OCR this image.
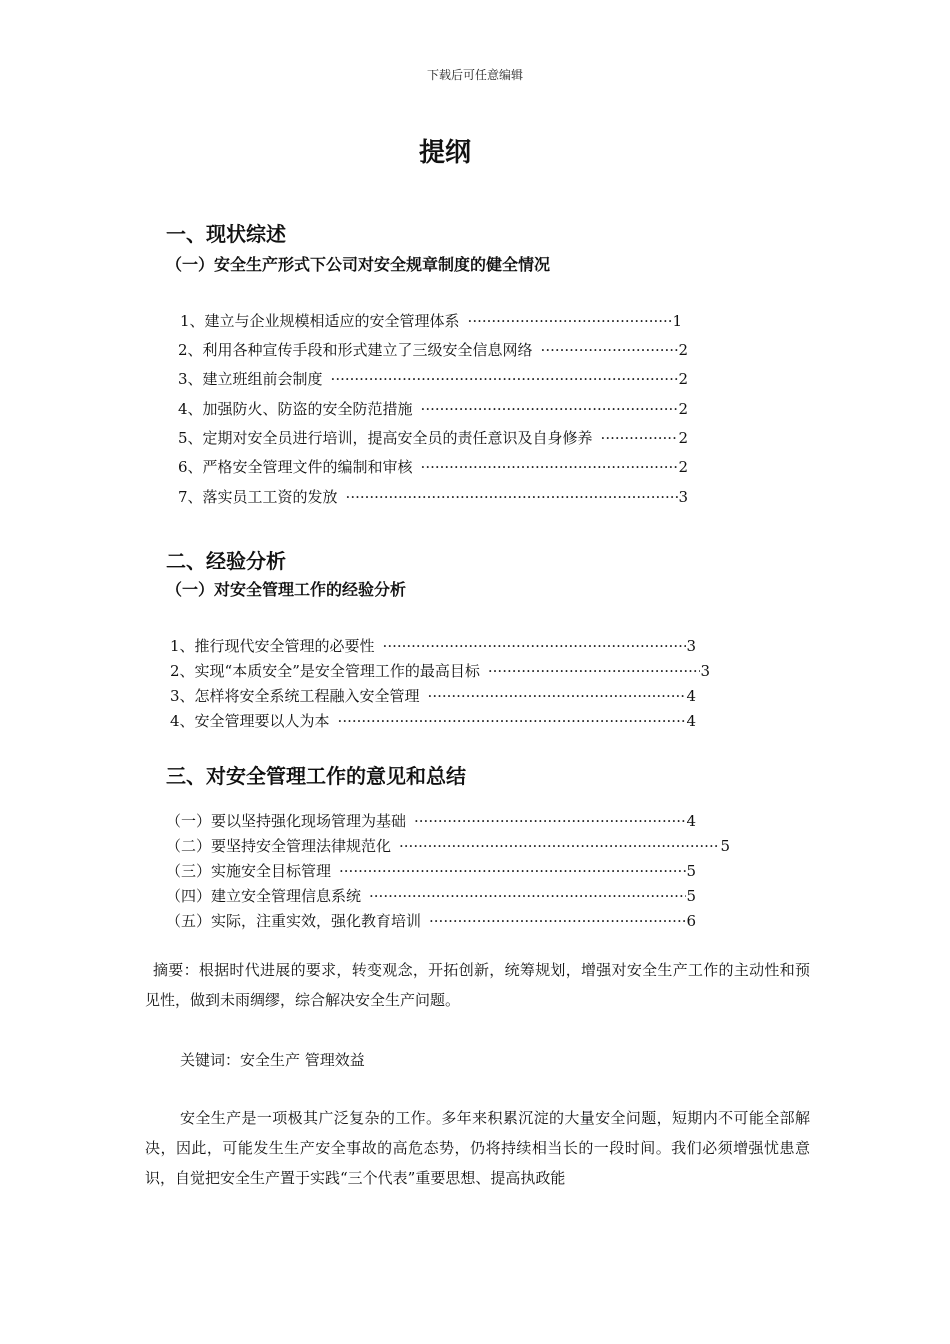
下载后可任意编辑
提纲
一、现状综述
（一）安全生产形式下公司对安全规章制度的健全情况
1、建立与企业规模相适应的安全管理体系 ·····	1
2、利用各种宣传手段和形式建立了三级安全信息网络 ·····	2
3、建立班组前会制度 ·····	2
4、加强防火、防盗的安全防范措施 ·····	2
5、定期对安全员进行培训，提高安全员的责任意识及自身修养 ·····	2
6、严格安全管理文件的编制和审核 ·····	2
7、落实员工工资的发放 ·····	3
二、经验分析
（一）对安全管理工作的经验分析
1、推行现代安全管理的必要性 ·····	3
2、实现“本质安全”是安全管理工作的最高目标 ·····	3
3、怎样将安全系统工程融入安全管理 ·····	4
4、安全管理要以人为本 ·····	4
三、对安全管理工作的意见和总结
（一）要以坚持强化现场管理为基础 ·····	4
（二）要坚持安全管理法律规范化 ·····	5
（三）实施安全目标管理 ·····	5
（四）建立安全管理信息系统 ·····	5
（五）实际，注重实效，强化教育培训 ·····	6
摘要：根据时代进展的要求，转变观念，开拓创新，统筹规划，增强对安全生产工作的主动性和预见性，做到未雨绸缪，综合解决安全生产问题。
关键词：安全生产 管理效益
安全生产是一项极其广泛复杂的工作。多年来积累沉淀的大量安全问题，短期内不可能全部解决，因此，可能发生生产安全事故的高危态势，仍将持续相当长的一段时间。我们必须增强忧患意识，自觉把安全生产置于实践“三个代表”重要思想、提高执政能
